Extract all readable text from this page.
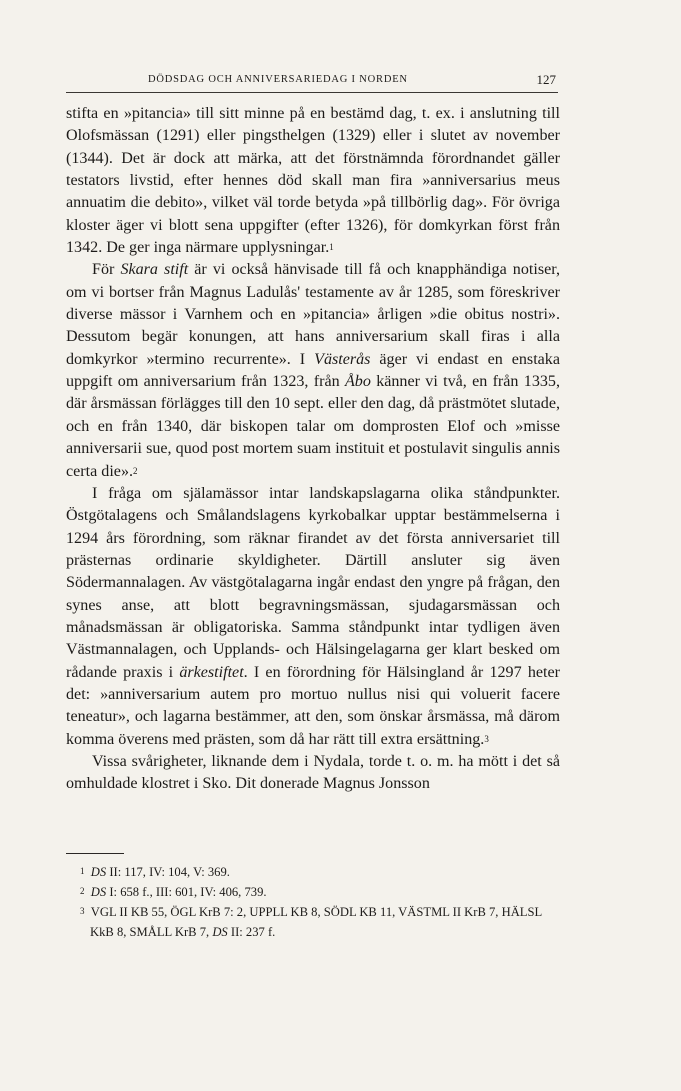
DÖDSDAG OCH ANNIVERSARIEDAG I NORDEN	127

stifta en »pitancia» till sitt minne på en bestämd dag, t. ex. i anslutning till Olofsmässan (1291) eller pingsthelgen (1329) eller i slutet av november (1344). Det är dock att märka, att det förstnämnda förordnandet gäller testators livstid, efter hennes död skall man fira »anniversarius meus annuatim die debito», vilket väl torde betyda »på tillbörlig dag». För övriga kloster äger vi blott sena uppgifter (efter 1326), för domkyrkan först från 1342. De ger inga närmare upplysningar.$^1$

För Skara stift är vi också hänvisade till få och knapphändiga notiser, om vi bortser från Magnus Ladulås' testamente av år 1285, som föreskriver diverse mässor i Varnhem och en »pitancia» årligen »die obitus nostri». Dessutom begär konungen, att hans anniversarium skall firas i alla domkyrkor »termino recurrente». I Västerås äger vi endast en enstaka uppgift om anniversarium från 1323, från Åbo känner vi två, en från 1335, där årsmässan förlägges till den 10 sept. eller den dag, då prästmötet slutade, och en från 1340, där biskopen talar om domprosten Elof och »misse anniversarii sue, quod post mortem suam instituit et postulavit singulis annis certa die».$^2$

I fråga om själamässor intar landskapslagarna olika ståndpunkter. Östgötalagens och Smålandslagens kyrkobalkar upptar bestämmelserna i 1294 års förordning, som räknar firandet av det första anniversariet till prästernas ordinarie skyldigheter. Därtill ansluter sig även Södermannalagen. Av västgötalagarna ingår endast den yngre på frågan, den synes anse, att blott begravningsmässan, sjudagarsmässan och månadsmässan är obligatoriska. Samma ståndpunkt intar tydligen även Västmannalagen, och Upplands- och Hälsingelagarna ger klart besked om rådande praxis i ärkestiftet. I en förordning för Hälsingland år 1297 heter det: »anniversarium autem pro mortuo nullus nisi qui voluerit facere teneatur», och lagarna bestämmer, att den, som önskar årsmässa, må därom komma överens med prästen, som då har rätt till extra ersättning.$^3$

Vissa svårigheter, liknande dem i Nydala, torde t. o. m. ha mött i det så omhuldade klostret i Sko. Dit donerade Magnus Jonsson

$^1$  DS II: 117, IV: 104, V: 369.

$^2$  DS I: 658 f., III: 601, IV: 406, 739.

$^3$  VGL II KB 55, ÖGL KrB 7: 2, UPPLL KB 8, SÖDL KB 11, VÄSTML II KrB 7, HÄLSL KkB 8, SMÅLL KrB 7, DS II: 237 f.
